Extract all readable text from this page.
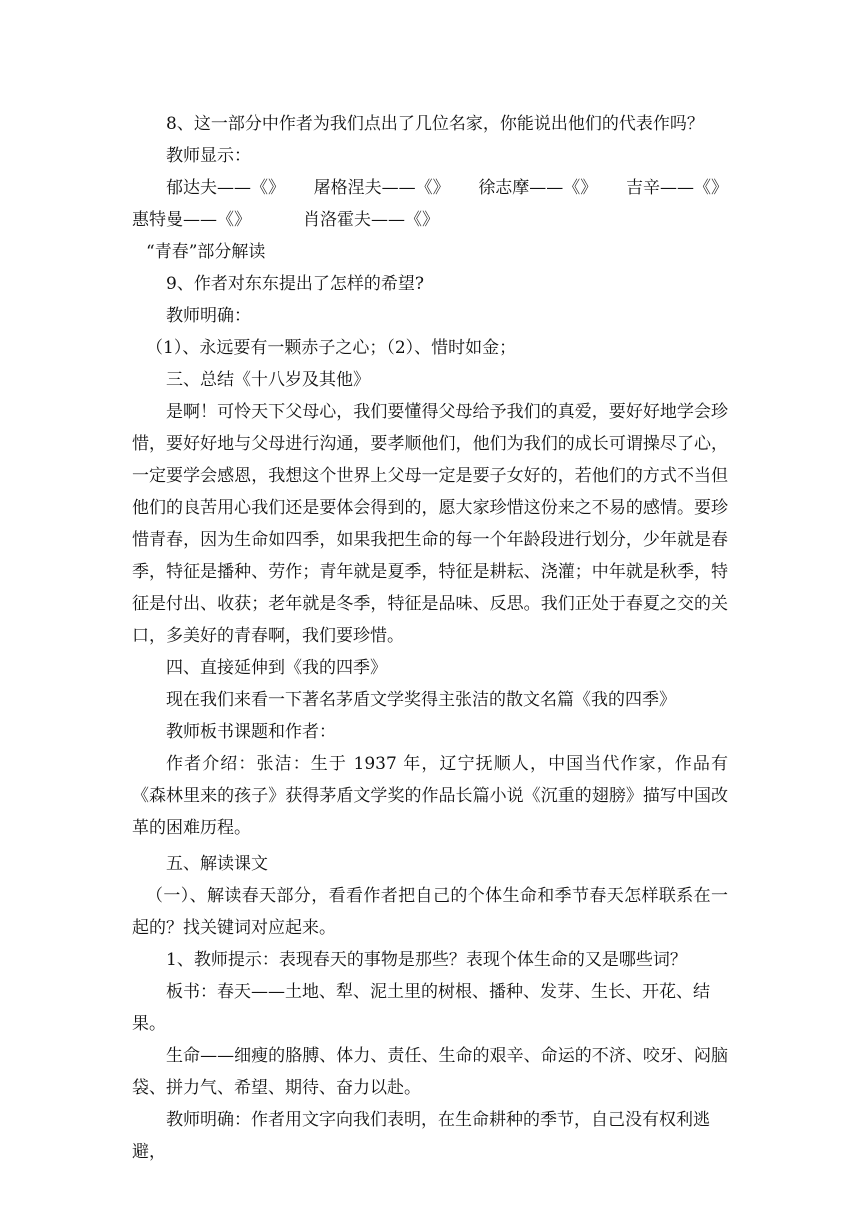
8、这一部分中作者为我们点出了几位名家，你能说出他们的代表作吗？

教师显示：

郁达夫——《》 屠格涅夫——《》 徐志摩——《》 吉辛——《》
惠特曼——《》	肖洛霍夫——《》

“青春”部分解读

9、作者对东东提出了怎样的希望?

教师明确：

（1）、永远要有一颗赤子之心；（2）、惜时如金；

三、总结《十八岁及其他》

是啊！可怜天下父母心，我们要懂得父母给予我们的真爱，要好好地学会珍惜，要好好地与父母进行沟通，要孝顺他们，他们为我们的成长可谓操尽了心，一定要学会感恩，我想这个世界上父母一定是要子女好的，若他们的方式不当但他们的良苦用心我们还是要体会得到的，愿大家珍惜这份来之不易的感情。要珍惜青春，因为生命如四季，如果我把生命的每一个年龄段进行划分，少年就是春季，特征是播种、劳作；青年就是夏季，特征是耕耘、浇灌；中年就是秋季，特征是付出、收获；老年就是冬季，特征是品味、反思。我们正处于春夏之交的关口，多美好的青春啊，我们要珍惜。

四、直接延伸到《我的四季》

现在我们来看一下著名茅盾文学奖得主张洁的散文名篇《我的四季》

教师板书课题和作者：

作者介绍：张洁：生于 1937 年，辽宁抚顺人，中国当代作家，作品有《森林里来的孩子》获得茅盾文学奖的作品长篇小说《沉重的翅膀》描写中国改革的困难历程。

五、解读课文

（一）、解读春天部分，看看作者把自己的个体生命和季节春天怎样联系在一起的？找关键词对应起来。

1、教师提示：表现春天的事物是那些？表现个体生命的又是哪些词？

板书：春天——土地、犁、泥土里的树根、播种、发芽、生长、开花、结果。

生命——细瘦的胳膊、体力、责任、生命的艰辛、命运的不济、咬牙、闷脑袋、拼力气、希望、期待、奋力以赴。

教师明确：作者用文字向我们表明，在生命耕种的季节，自己没有权利逃避，
